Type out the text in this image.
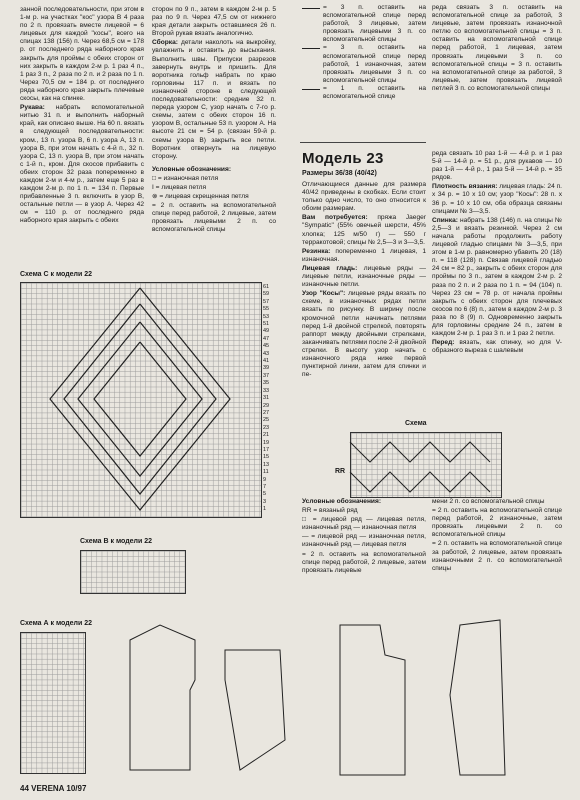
занной последовательности, при этом в 1-м р. на участках "кос" узора В 4 раза по 2 п. провязать вместе лицевой = 6 лицевых для каждой "косы", всего на спицах 138 (156) п. Через 68,5 см = 178 р. от последнего ряда наборного края закрыть для проймы с обеих сторон от них закрыть в каждом 2-м р. 1 раз 4 п., 1 раз 3 п., 2 раза по 2 п. и 2 раза по 1 п. Через 70,5 см = 184 р. от последнего ряда наборного края закрыть плечевые скосы, как на спинке.

Рукава: набрать вспомогательной нитью 31 п. и выполнить наборный край, как описано выше. На 60 п. вязать в следующей последовательности: кром., 13 п. узора В, 6 п. узора А, 13 п. узора В, при этом начать с 4-й п., 32 п. узора С, 13 п. узора В, при этом начать с 1-й п., кром. Для скосов прибавить с обеих сторон 32 раза попеременно в каждом 2-м и 4-м р., затем еще 5 раз в каждом 2-м р. по 1 п. = 134 п. Первые прибавленные 3 п. включить в узор В, остальные петли — в узор А. Через 42 см = 110 р. от последнего ряда наборного края закрыть с обеих

сторон по 9 п., затем в каждом 2-м р. 5 раз по 9 п. Через 47,5 см от нижнего края детали закрыть оставшиеся 26 п. Второй рукав вязать аналогично.

Сборка: детали наколоть на выкройку, увлажнить и оставить до высыхания. Выполнить швы. Припуски разрезов завернуть внутрь и пришить. Для воротника гольф набрать по краю горловины 117 п. и вязать по изнаночной стороне в следующей последовательности: средние 32 п. переда узором С, узор начать с 7-го р. схемы, затем с обеих сторон 16 п. узором В, остальные 53 п. узором А. На высоте 21 см = 54 р. (связан 59-й р. схемы узора В) закрыть все петли. Воротник отвернуть на лицевую сторону.

Условные обозначения:

□ = изнаночная петля

I = лицевая петля

⊗ = лицевая скрещенная петля

= 2 п. оставить на вспомогательной спице перед работой, 2 лицевые, затем провязать лицевыми 2 п. со вспомогательной спицы

= 3 п. оставить на вспомогательной спице перед работой, 3 лицевые, затем провязать лицевыми 3 п. со вспомогательной спицы
= 3 п. оставить на вспомогательной спице перед работой, 1 изнаночная, затем провязать лицевыми 3 п. со вспомогательной спицы
= 1 п. оставить на вспомогательной спице
Модель 23
Размеры 36/38 (40/42)

Отличающиеся данные для размера 40/42 приведены в скобках. Если стоит только одно число, то оно относится к обоим размерам.

Вам потребуется: пряжа Jaeger "Sympatic" (55% овечьей шерсти, 45% хлопка; 125 м/50 г) — 550 г терракотовой; спицы № 2,5—3 и 3—3,5.

Резинка: попеременно 1 лицевая, 1 изнаночная.

Лицевая гладь: лицевые ряды — лицевые петли, изнаночные ряды — изнаночные петли.

Узор "Косы": лицевые ряды вязать по схеме, в изнаночных рядах петли вязать по рисунку. В ширину после кромочной петли начинать петлями перед 1-й двойной стрелкой, повторять раппорт между двойными стрелками, заканчивать петлями после 2-й двойной стрелки. В высоту узор начать с изнаночного ряда ниже первой пунктирной линии, затем для спинки и пе-

реда связать 3 п. оставить на вспомогательной спице за работой, 3 лицевые, затем провязать изнаночной петлю со вспомогательной спицы = 3 п. оставить на вспомогательной спице перед работой, 1 лицевая, затем провязать лицевыми 3 п. со вспомогательной спицы = 3 п. оставить на вспомогательной спице за работой, 3 лицевые, затем провязать лицевой петлей 3 п. со вспомогательной спицы

реда связать 10 раз 1-й — 4-й р. и 1 раз 5-й — 14-й р. = 51 р., для рукавов — 10 раз 1-й — 4-й р., 1 раз 5-й — 14-й р. = 35 рядов.

Плотность вязания: лицевая гладь: 24 п. х 34 р. = 10 х 10 см; узор "Косы": 28 п. х 36 р. = 10 х 10 см, оба образца связаны спицами № 3—3,5.

Спинка: набрать 138 (146) п. на спицы № 2,5—3 и вязать резинкой. Через 2 см начала работы продолжить работу лицевой гладью спицами № 3—3,5, при этом в 1-м р. равномерно убавить 20 (18) п. = 118 (128) п. Связав лицевой гладью 24 см = 82 р., закрыть с обеих сторон для проймы по 3 п., затем в каждом 2-м р. 2 раза по 2 п. и 2 раза по 1 п. = 94 (104) п. Через 23 см = 78 р. от начала проймы закрыть с обеих сторон для плечевых скосов по 6 (8) п., затем в каждом 2-м р. 3 раза по 8 (9) п. Одновременно закрыть для горловины средние 24 п., затем в каждом 2-м р. 1 раз 3 п. и 1 раз 2 петли.

Перед: вязать, как спинку, но для V-образного выреза с шалевым

Схема С к модели 22
61
59
57
55
53
51
49
47
45
43
41
39
37
35
33
31
29
27
25
23
21
19
17
15
13
11
9
7
5
3
1
Схема В к модели 22
Схема А к модели 22
Схема
RR

Условные обозначения:

RR = вязаный ряд

□ = лицевой ряд — лицевая петля, изнаночный ряд — изнаночная петля

— = лицевой ряд — изнаночная петля, изнаночный ряд — лицевая петля

= 2 п. оставить на вспомогательной спице перед работой, 2 лицевые, затем провязать лицевые

мени 2 п. со вспомогательной спицы

= 2 п. оставить на вспомогательной спице перед работой, 2 изнаночные, затем провязать лицевыми 2 п. со вспомогательной спицы

= 2 п. оставить на вспомогательной спице за работой, 2 лицевые, затем провязать изнаночными 2 п. со вспомогательной спицы

44 VERENA 10/97
